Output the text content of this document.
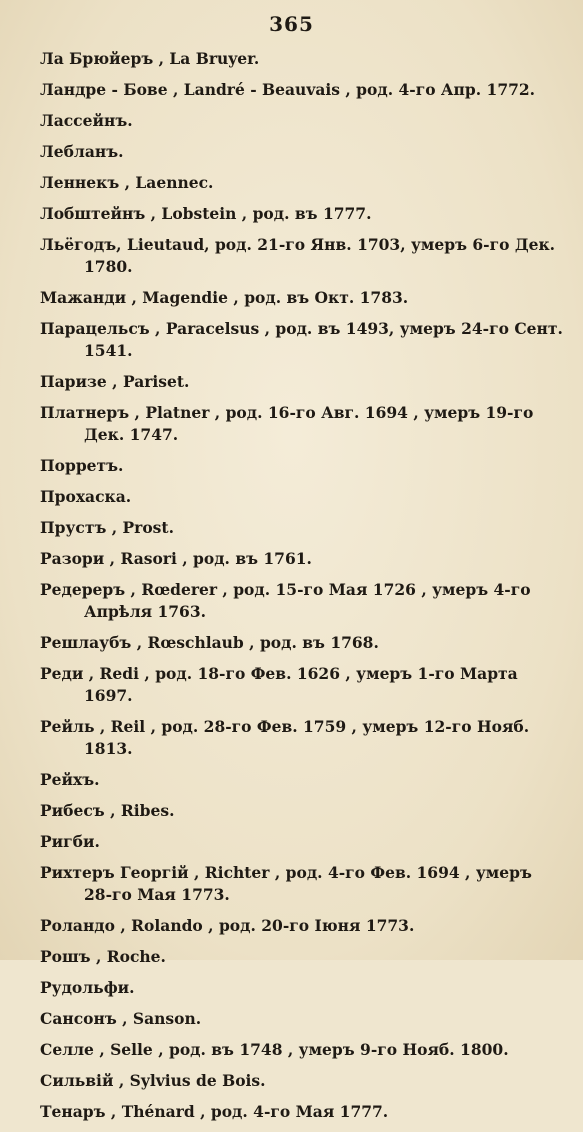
365
Ла Брюйеръ , La Bruyer.
Ландре - Бове , Landré - Beauvais , род. 4-го Апр. 1772.
Лассейнъ.
Лебланъ.
Леннекъ , Laennec.
Лобштейнъ , Lobstein , род. въ 1777.
Льёгодъ, Lieutaud, род. 21-го Янв. 1703, умеръ 6-го Дек.
1780.
Мажанди , Magendie , род. въ Окт. 1783.
Парацельсъ , Paracelsus , род. въ 1493, умеръ 24-го Сент.
1541.
Паризе , Pariset.
Платнеръ , Platner , род. 16-го Авг. 1694 , умеръ 19-го
Дек. 1747.
Порретъ.
Прохаска.
Прустъ , Prost.
Разори , Rasori , род. въ 1761.
Редереръ , Rœderer , род. 15-го Мая 1726 , умеръ 4-го
Апрѣля 1763.
Решлаубъ , Rœschlaub , род. въ 1768.
Реди , Redi , род. 18-го Фев. 1626 , умеръ 1-го Марта
1697.
Рейль , Reil , род. 28-го Фев. 1759 , умеръ 12-го Нояб.
1813.
Рейхъ.
Рибесъ , Ribes.
Ригби.
Рихтеръ Георгій , Richter , род. 4-го Фев. 1694 , умеръ
28-го Мая 1773.
Роландо , Rolando , род. 20-го Іюня 1773.
Рошъ , Roche.
Рудольфи.
Сансонъ , Sanson.
Селле , Selle , род. въ 1748 , умеръ 9-го Нояб. 1800.
Сильвій , Sylvius de Bois.
Тенаръ , Thénard , род. 4-го Мая 1777.
